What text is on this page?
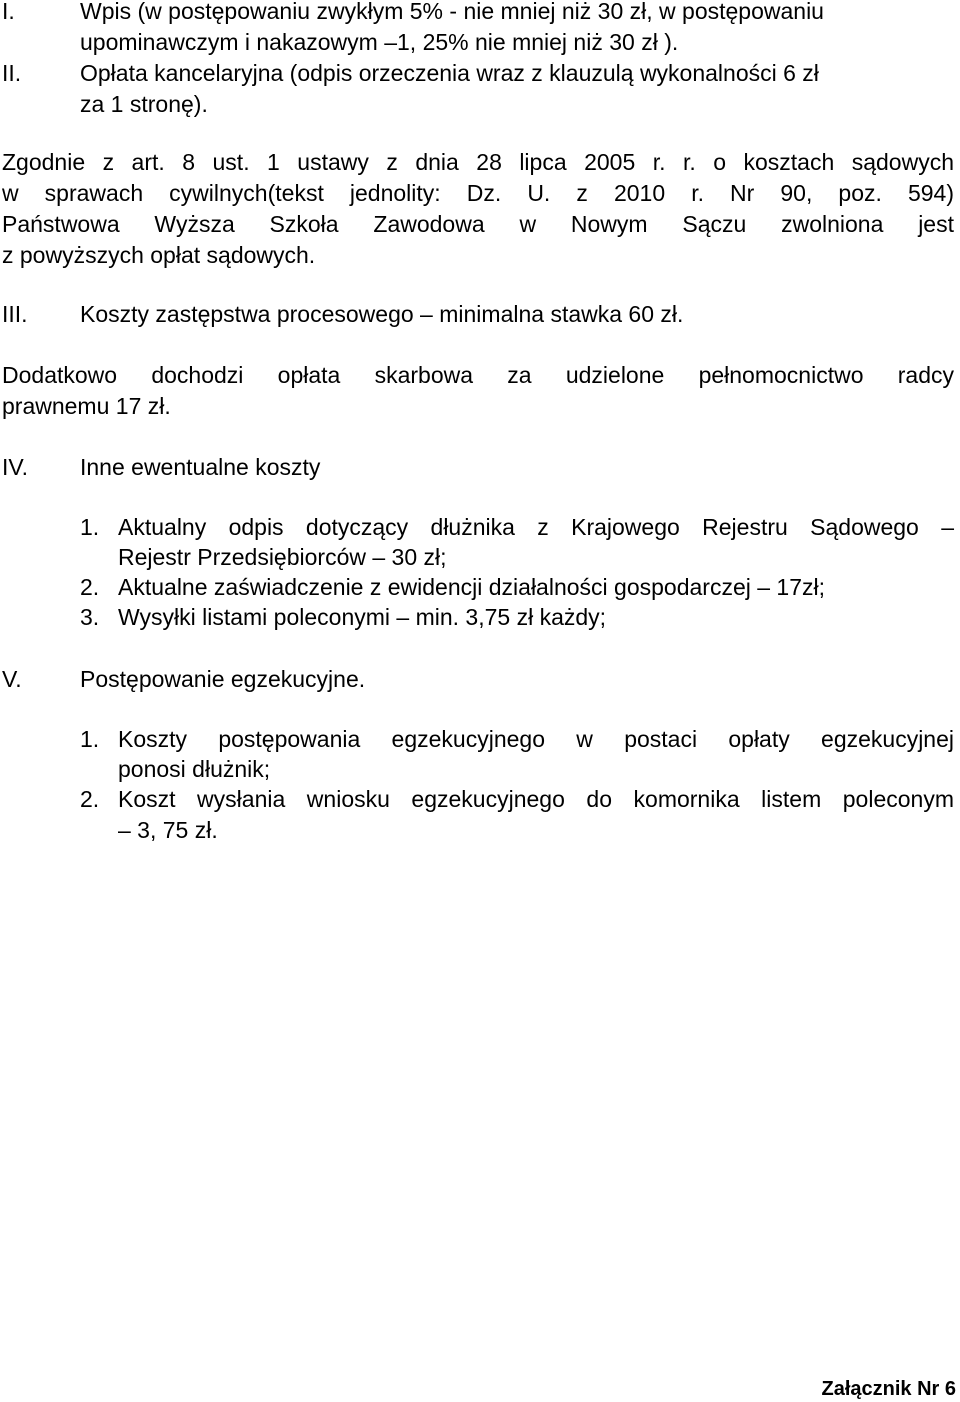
I.	Wpis (w postępowaniu zwykłym 5% - nie mniej niż 30 zł, w postępowaniu
upominawczym i nakazowym –1, 25% nie mniej niż 30 zł ).
II.	Opłata kancelaryjna (odpis orzeczenia wraz z klauzulą wykonalności 6 zł
za 1 stronę).
Zgodnie z art. 8 ust. 1 ustawy z dnia 28 lipca 2005 r. r. o kosztach sądowych
w sprawach cywilnych(tekst jednolity: Dz. U. z 2010 r. Nr 90, poz. 594)
Państwowa Wyższa Szkoła Zawodowa w Nowym Sączu zwolniona jest
z powyższych opłat sądowych.
III. Koszty zastępstwa procesowego – minimalna stawka 60 zł.
Dodatkowo dochodzi opłata skarbowa za udzielone pełnomocnictwo radcy
prawnemu 17 zł.
IV. Inne ewentualne koszty
1. Aktualny odpis dotyczący dłużnika z Krajowego Rejestru Sądowego –
Rejestr Przedsiębiorców – 30 zł;
2. Aktualne zaświadczenie z ewidencji działalności gospodarczej – 17zł;
3. Wysyłki listami poleconymi – min. 3,75 zł każdy;
V.	Postępowanie egzekucyjne.
1. Koszty postępowania egzekucyjnego w postaci opłaty egzekucyjnej
ponosi dłużnik;
2. Koszt wysłania wniosku egzekucyjnego do komornika listem poleconym
– 3, 75 zł.
Załącznik Nr 6
